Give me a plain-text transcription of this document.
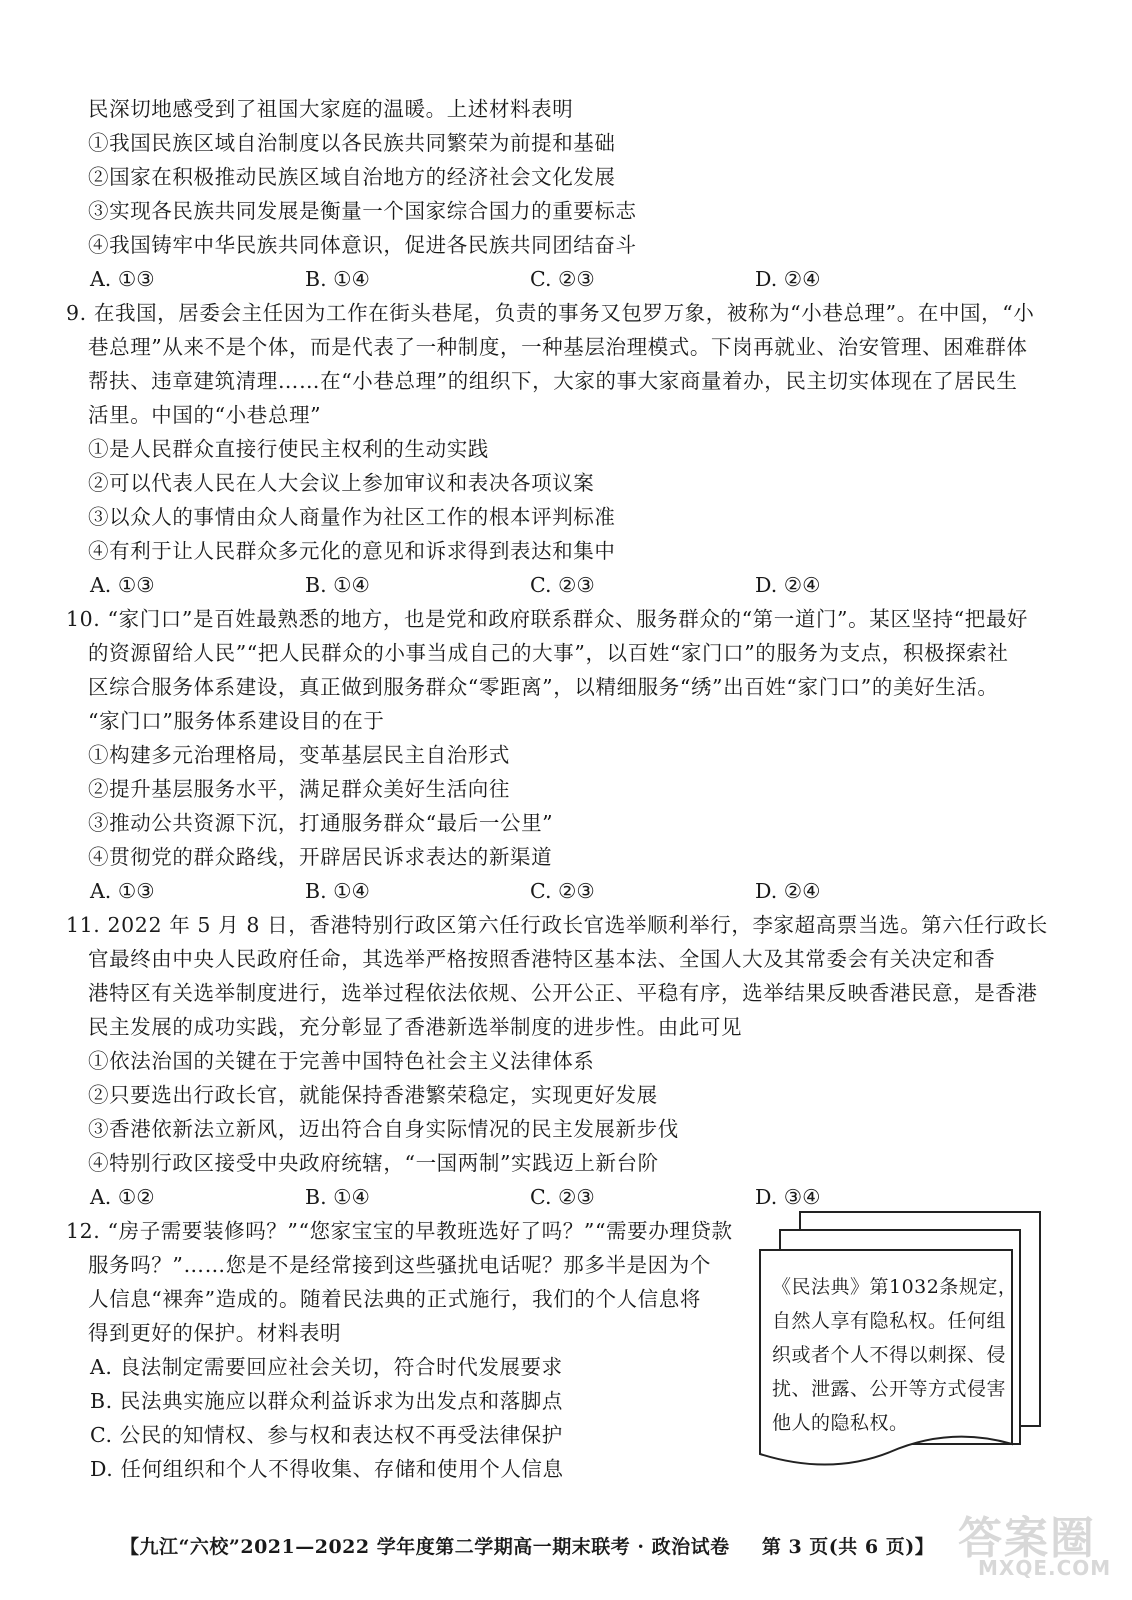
民深切地感受到了祖国大家庭的温暖。上述材料表明
①我国民族区域自治制度以各民族共同繁荣为前提和基础
②国家在积极推动民族区域自治地方的经济社会文化发展
③实现各民族共同发展是衡量一个国家综合国力的重要标志
④我国铸牢中华民族共同体意识，促进各民族共同团结奋斗
A. ①③	B. ①④	C. ②③	D. ②④
9. 在我国，居委会主任因为工作在街头巷尾，负责的事务又包罗万象，被称为“小巷总理”。在中国，“小
巷总理”从来不是个体，而是代表了一种制度，一种基层治理模式。下岗再就业、治安管理、困难群体
帮扶、违章建筑清理……在“小巷总理”的组织下，大家的事大家商量着办，民主切实体现在了居民生
活里。中国的“小巷总理”
①是人民群众直接行使民主权利的生动实践
②可以代表人民在人大会议上参加审议和表决各项议案
③以众人的事情由众人商量作为社区工作的根本评判标准
④有利于让人民群众多元化的意见和诉求得到表达和集中
A. ①③	B. ①④	C. ②③	D. ②④
10. “家门口”是百姓最熟悉的地方，也是党和政府联系群众、服务群众的“第一道门”。某区坚持“把最好
的资源留给人民”“把人民群众的小事当成自己的大事”，以百姓“家门口”的服务为支点，积极探索社
区综合服务体系建设，真正做到服务群众“零距离”，以精细服务“绣”出百姓“家门口”的美好生活。
“家门口”服务体系建设目的在于
①构建多元治理格局，变革基层民主自治形式
②提升基层服务水平，满足群众美好生活向往
③推动公共资源下沉，打通服务群众“最后一公里”
④贯彻党的群众路线，开辟居民诉求表达的新渠道
A. ①③	B. ①④	C. ②③	D. ②④
11. 2022 年 5 月 8 日，香港特别行政区第六任行政长官选举顺利举行，李家超高票当选。第六任行政长
官最终由中央人民政府任命，其选举严格按照香港特区基本法、全国人大及其常委会有关决定和香
港特区有关选举制度进行，选举过程依法依规、公开公正、平稳有序，选举结果反映香港民意，是香港
民主发展的成功实践，充分彰显了香港新选举制度的进步性。由此可见
①依法治国的关键在于完善中国特色社会主义法律体系
②只要选出行政长官，就能保持香港繁荣稳定，实现更好发展
③香港依新法立新风，迈出符合自身实际情况的民主发展新步伐
④特别行政区接受中央政府统辖，“一国两制”实践迈上新台阶
A. ①②	B. ①④	C. ②③	D. ③④
12. “房子需要装修吗？”“您家宝宝的早教班选好了吗？”“需要办理贷款
服务吗？”……您是不是经常接到这些骚扰电话呢？那多半是因为个
人信息“裸奔”造成的。随着民法典的正式施行，我们的个人信息将
得到更好的保护。材料表明
A. 良法制定需要回应社会关切，符合时代发展要求
B. 民法典实施应以群众利益诉求为出发点和落脚点
C. 公民的知情权、参与权和表达权不再受法律保护
D. 任何组织和个人不得收集、存储和使用个人信息
《民法典》第1032条规定，
自然人享有隐私权。任何组
织或者个人不得以刺探、侵
扰、泄露、公开等方式侵害
他人的隐私权。
【九江“六校”2021—2022 学年度第二学期高一期末联考 · 政治试卷 第 3 页(共 6 页)】 答案圈
MXQE.COM
